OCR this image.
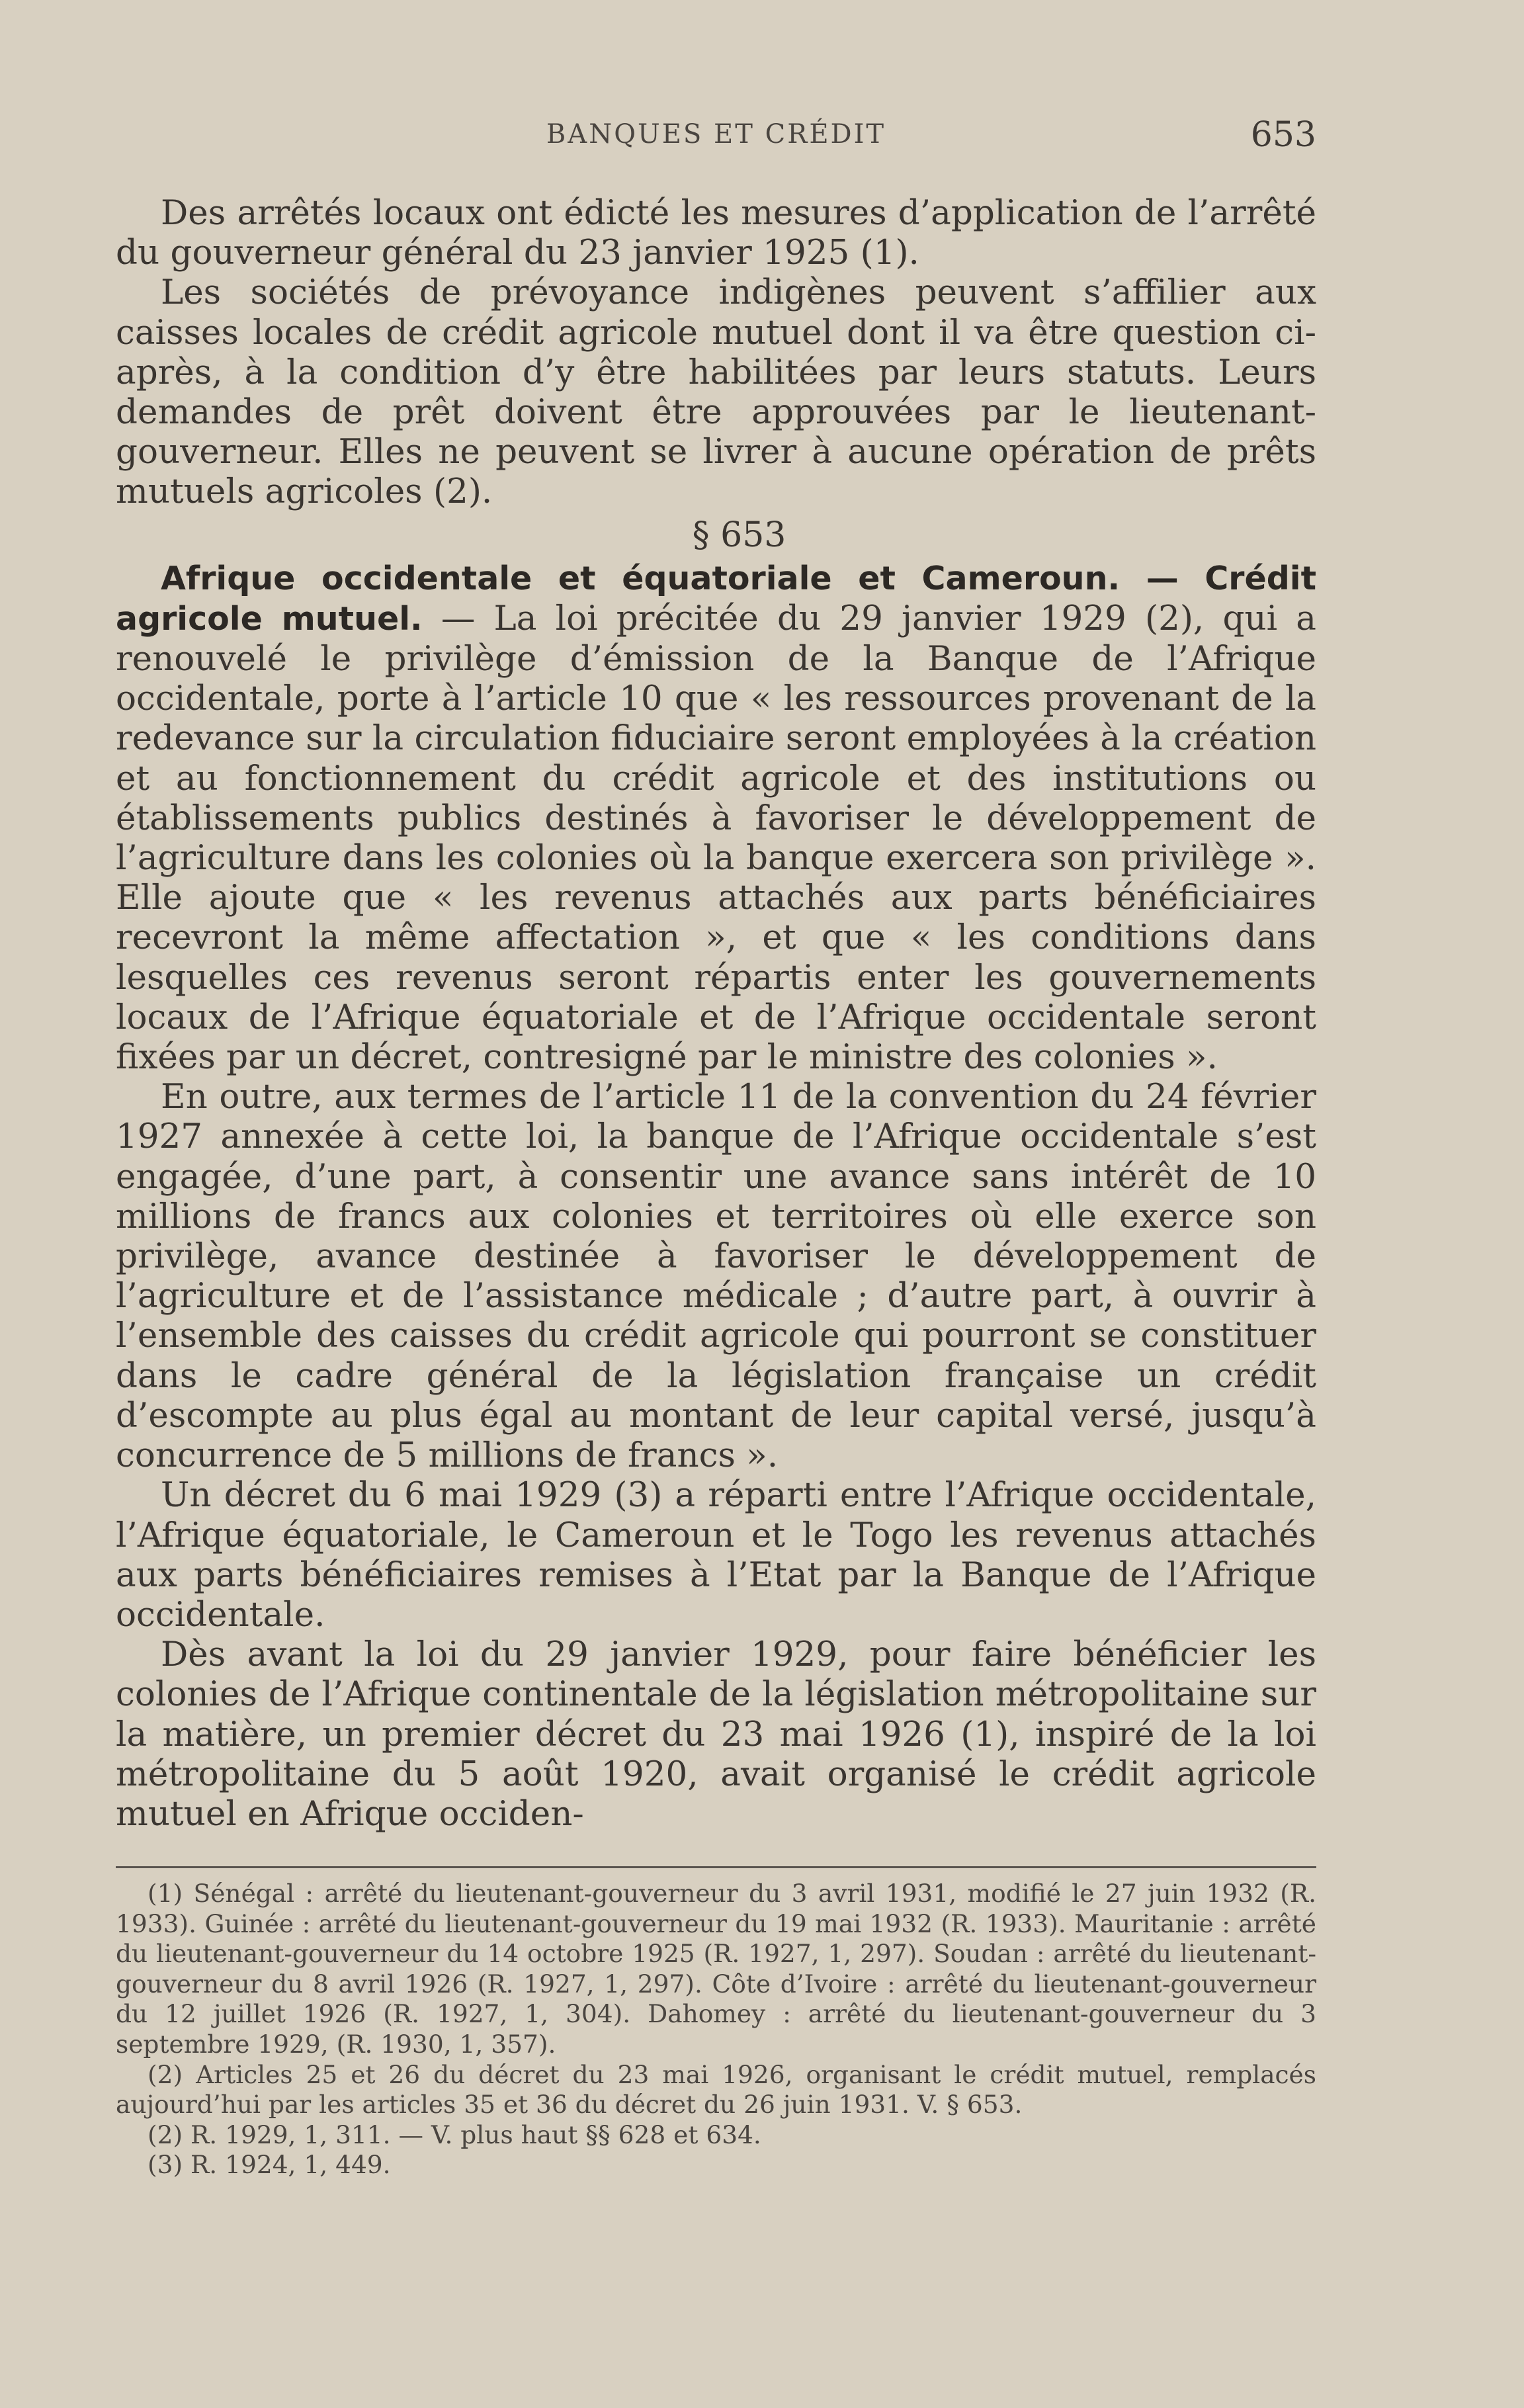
BANQUES ET CRÉDIT	653

Des arrêtés locaux ont édicté les mesures d’application de l’arrêté du gouverneur général du 23 janvier 1925 (1).

Les sociétés de prévoyance indigènes peuvent s’affilier aux caisses locales de crédit agricole mutuel dont il va être question ci-après, à la condition d’y être habilitées par leurs statuts. Leurs demandes de prêt doivent être approuvées par le lieutenant-gouverneur. Elles ne peuvent se livrer à aucune opération de prêts mutuels agricoles (2).

§ 653

Afrique occidentale et équatoriale et Cameroun. — Crédit agricole mutuel. — La loi précitée du 29 janvier 1929 (2), qui a renouvelé le privilège d’émission de la Banque de l’Afrique occidentale, porte à l’article 10 que « les ressources provenant de la redevance sur la circulation fiduciaire seront employées à la création et au fonctionnement du crédit agricole et des institutions ou établissements publics destinés à favoriser le développement de l’agriculture dans les colonies où la banque exercera son privilège ». Elle ajoute que « les revenus attachés aux parts bénéficiaires recevront la même affectation », et que « les conditions dans lesquelles ces revenus seront répartis enter les gouvernements locaux de l’Afrique équatoriale et de l’Afrique occidentale seront fixées par un décret, contresigné par le ministre des colonies ».

En outre, aux termes de l’article 11 de la convention du 24 février 1927 annexée à cette loi, la banque de l’Afrique occidentale s’est engagée, d’une part, à consentir une avance sans intérêt de 10 millions de francs aux colonies et territoires où elle exerce son privilège, avance destinée à favoriser le développement de l’agriculture et de l’assistance médicale ; d’autre part, à ouvrir à l’ensemble des caisses du crédit agricole qui pourront se constituer dans le cadre général de la législation française un crédit d’escompte au plus égal au montant de leur capital versé, jusqu’à concurrence de 5 millions de francs ».

Un décret du 6 mai 1929 (3) a réparti entre l’Afrique occidentale, l’Afrique équatoriale, le Cameroun et le Togo les revenus attachés aux parts bénéficiaires remises à l’Etat par la Banque de l’Afrique occidentale.

Dès avant la loi du 29 janvier 1929, pour faire bénéficier les colonies de l’Afrique continentale de la législation métropolitaine sur la matière, un premier décret du 23 mai 1926 (1), inspiré de la loi métropolitaine du 5 août 1920, avait organisé le crédit agricole mutuel en Afrique occiden-

(1) Sénégal : arrêté du lieutenant-gouverneur du 3 avril 1931, modifié le 27 juin 1932 (R. 1933). Guinée : arrêté du lieutenant-gouverneur du 19 mai 1932 (R. 1933). Mauritanie : arrêté du lieutenant-gouverneur du 14 octobre 1925 (R. 1927, 1, 297). Soudan : arrêté du lieutenant-gouverneur du 8 avril 1926 (R. 1927, 1, 297). Côte d’Ivoire : arrêté du lieutenant-gouverneur du 12 juillet 1926 (R. 1927, 1, 304). Dahomey : arrêté du lieutenant-gouverneur du 3 septembre 1929, (R. 1930, 1, 357).

(2) Articles 25 et 26 du décret du 23 mai 1926, organisant le crédit mutuel, remplacés aujourd’hui par les articles 35 et 36 du décret du 26 juin 1931. V. § 653.

(2) R. 1929, 1, 311. — V. plus haut §§ 628 et 634.

(3) R. 1924, 1, 449.
